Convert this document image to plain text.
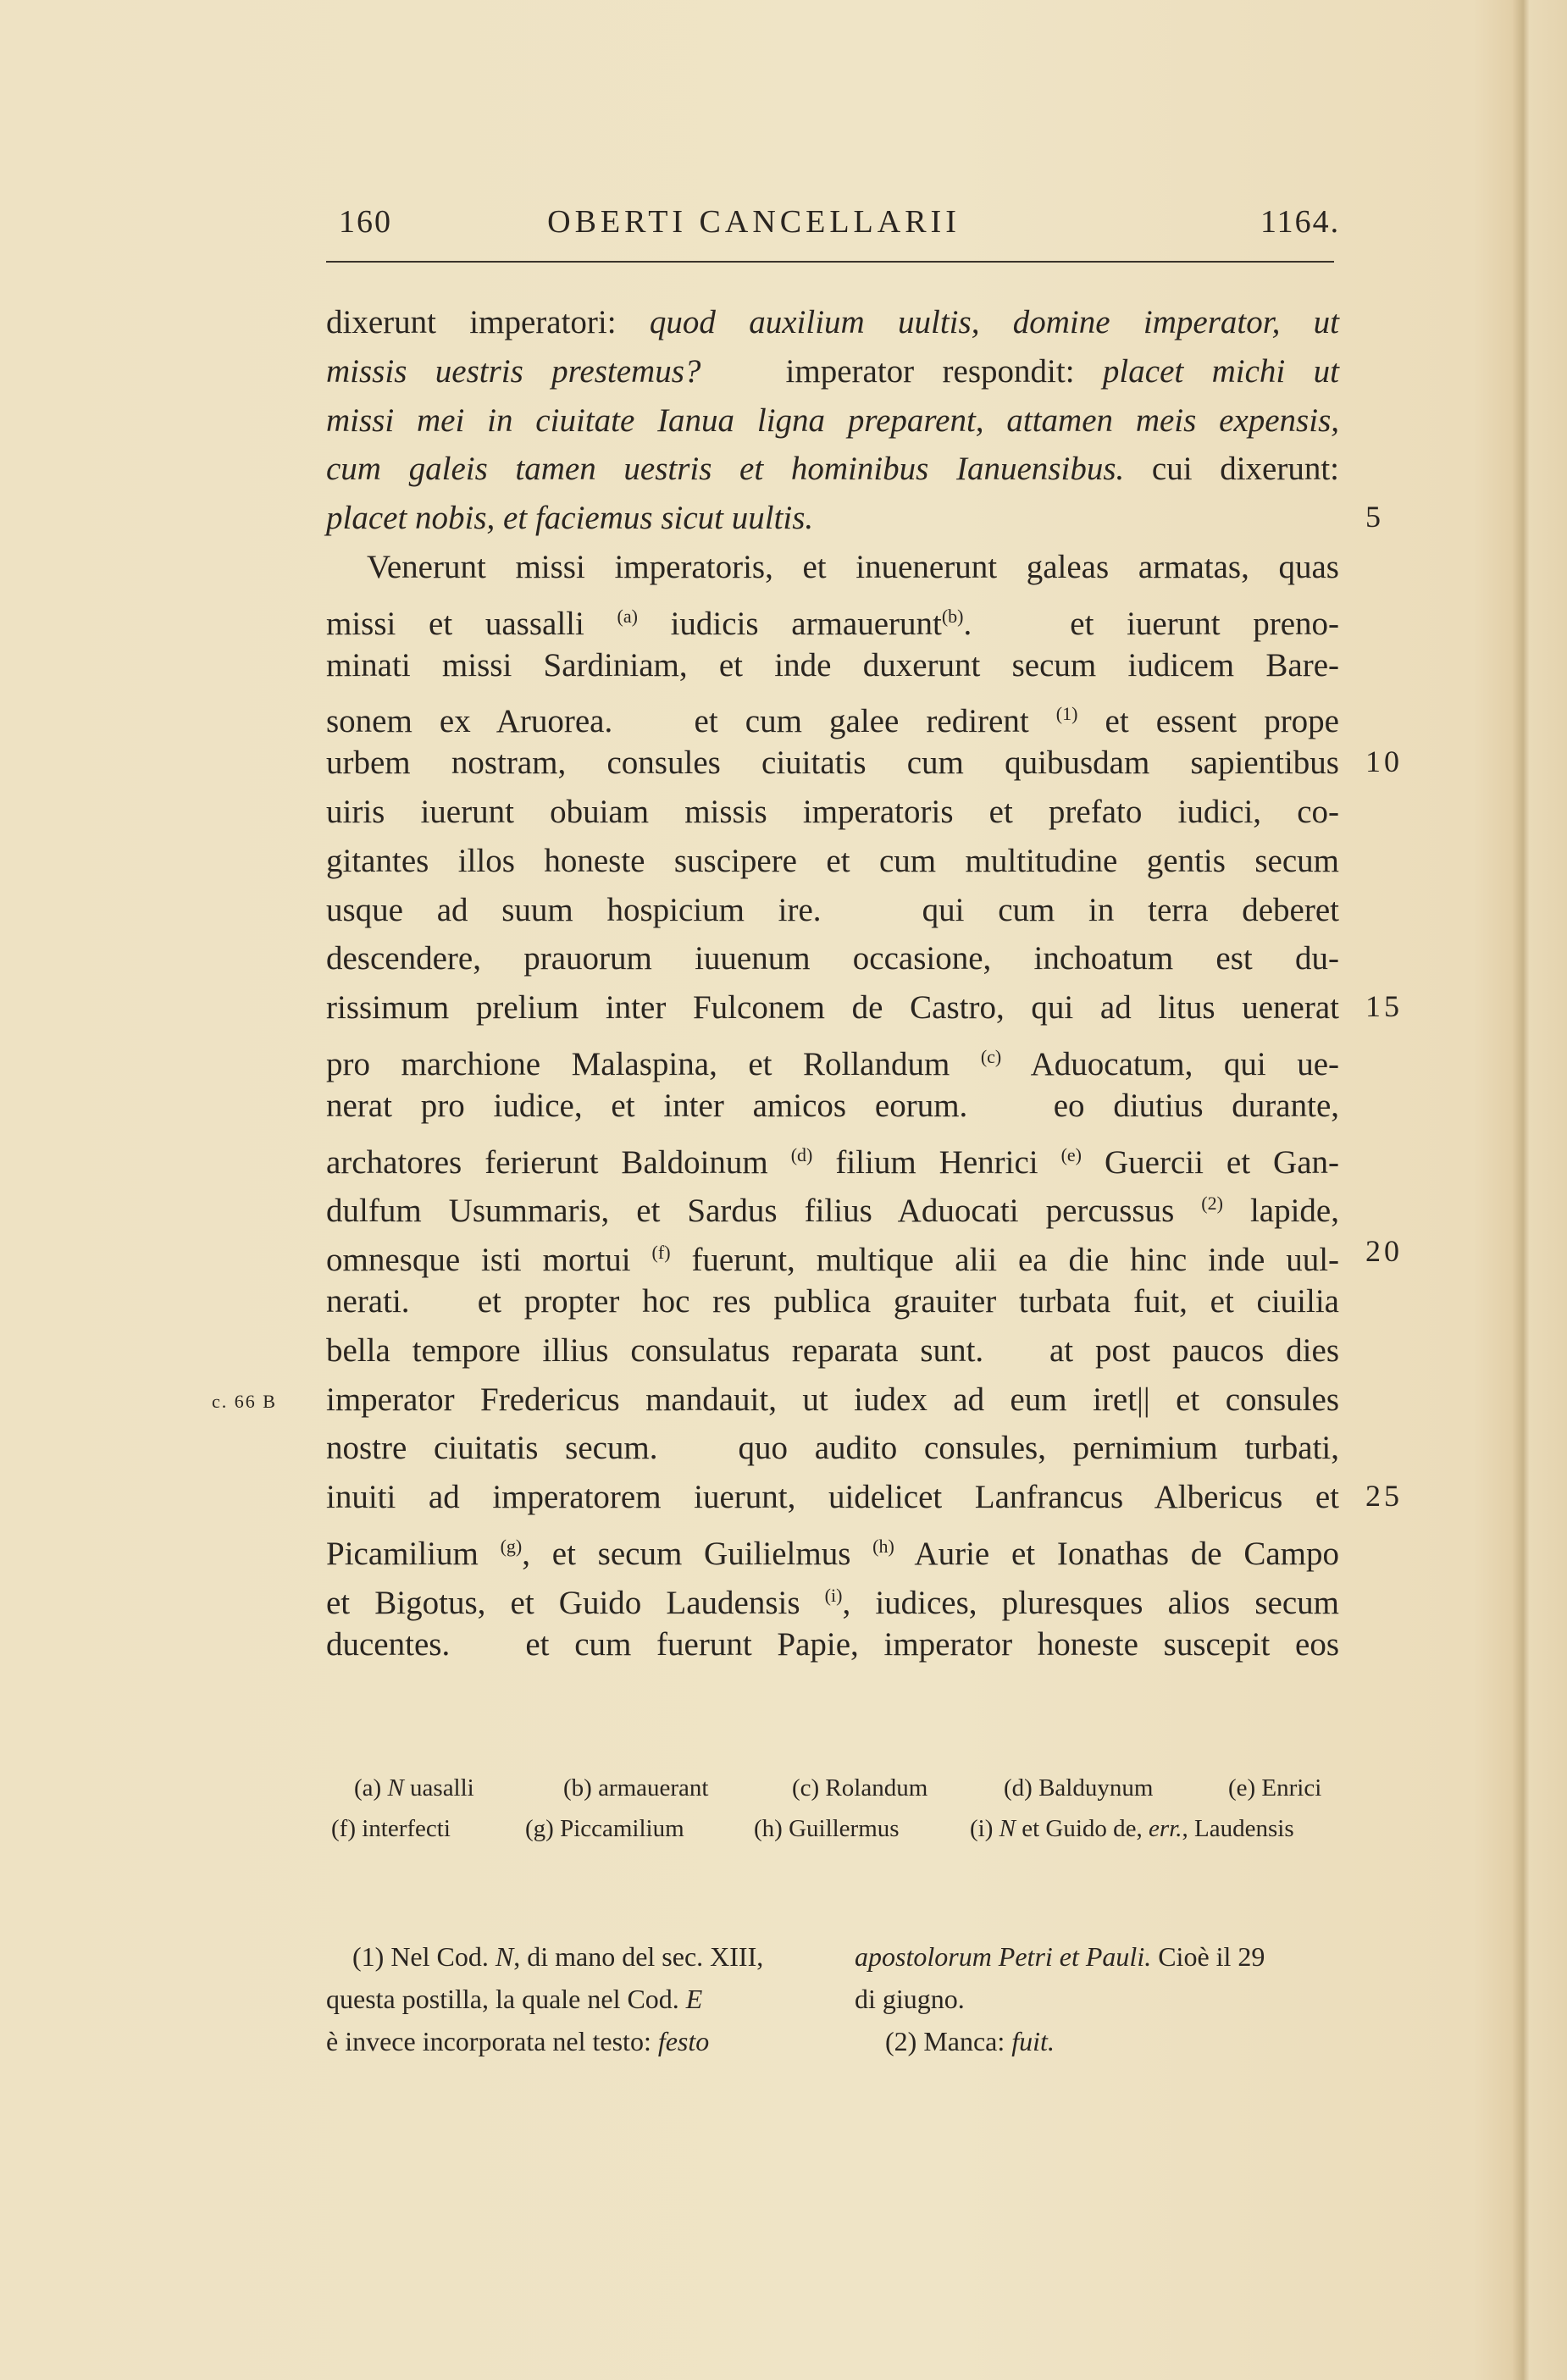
160	OBERTI CANCELLARII	1164.
dixerunt imperatori: quod auxilium uultis, domine imperator, ut
missis uestris prestemus?   imperator respondit: placet michi ut
missi mei in ciuitate Ianua ligna preparent, attamen meis expensis,
cum galeis tamen uestris et hominibus Ianuensibus. cui dixerunt:
placet nobis, et faciemus sicut uultis.	5
Venerunt missi imperatoris, et inuenerunt galeas armatas, quas
missi et uassalli $^{(a)}$ iudicis armauerunt$^{(b)}$.   et iuerunt preno-
minati missi Sardiniam, et inde duxerunt secum iudicem Bare-
sonem ex Aruorea.   et cum galee redirent $^{(1)}$ et essent prope
urbem nostram, consules ciuitatis cum quibusdam sapientibus 10
uiris iuerunt obuiam missis imperatoris et prefato iudici, co-
gitantes illos honeste suscipere et cum multitudine gentis secum
usque ad suum hospicium ire.   qui cum in terra deberet
descendere, prauorum iuuenum occasione, inchoatum est du-
rissimum prelium inter Fulconem de Castro, qui ad litus uenerat 15
pro marchione Malaspina, et Rollandum $^{(c)}$ Aduocatum, qui ue-
nerat pro iudice, et inter amicos eorum.   eo diutius durante,
archatores ferierunt Baldoinum $^{(d)}$ filium Henrici $^{(e)}$ Guercii et Gan-
dulfum Usummaris, et Sardus filius Aduocati percussus $^{(2)}$ lapide,
omnesque isti mortui $^{(f)}$ fuerunt, multique alii ea die hinc inde uul- 20
nerati.   et propter hoc res publica grauiter turbata fuit, et ciuilia
bella tempore illius consulatus reparata sunt.   at post paucos dies
imperator Fredericus mandauit, ut iudex ad eum iret|| et consules
nostre ciuitatis secum.   quo audito consules, pernimium turbati,
inuiti ad imperatorem iuerunt, uidelicet Lanfrancus Albericus et 25
Picamilium $^{(g)}$, et secum Guilielmus $^{(h)}$ Aurie et Ionathas de Campo
et Bigotus, et Guido Laudensis $^{(i)}$, iudices, pluresques alios secum
ducentes.   et cum fuerunt Papie, imperator honeste suscepit eos
c. 66 B
(a) N uasalli	(b) armauerant	(c) Rolandum	(d) Balduynum	(e) Enrici
(f) interfecti	(g) Piccamilium	(h) Guillermus	(i) N et Guido de, err., Laudensis
(1) Nel Cod. N, di mano del sec. XIII,
questa postilla, la quale nel Cod. E
è invece incorporata nel testo: festo
apostolorum Petri et Pauli. Cioè il 29
di giugno.
(2) Manca: fuit.
